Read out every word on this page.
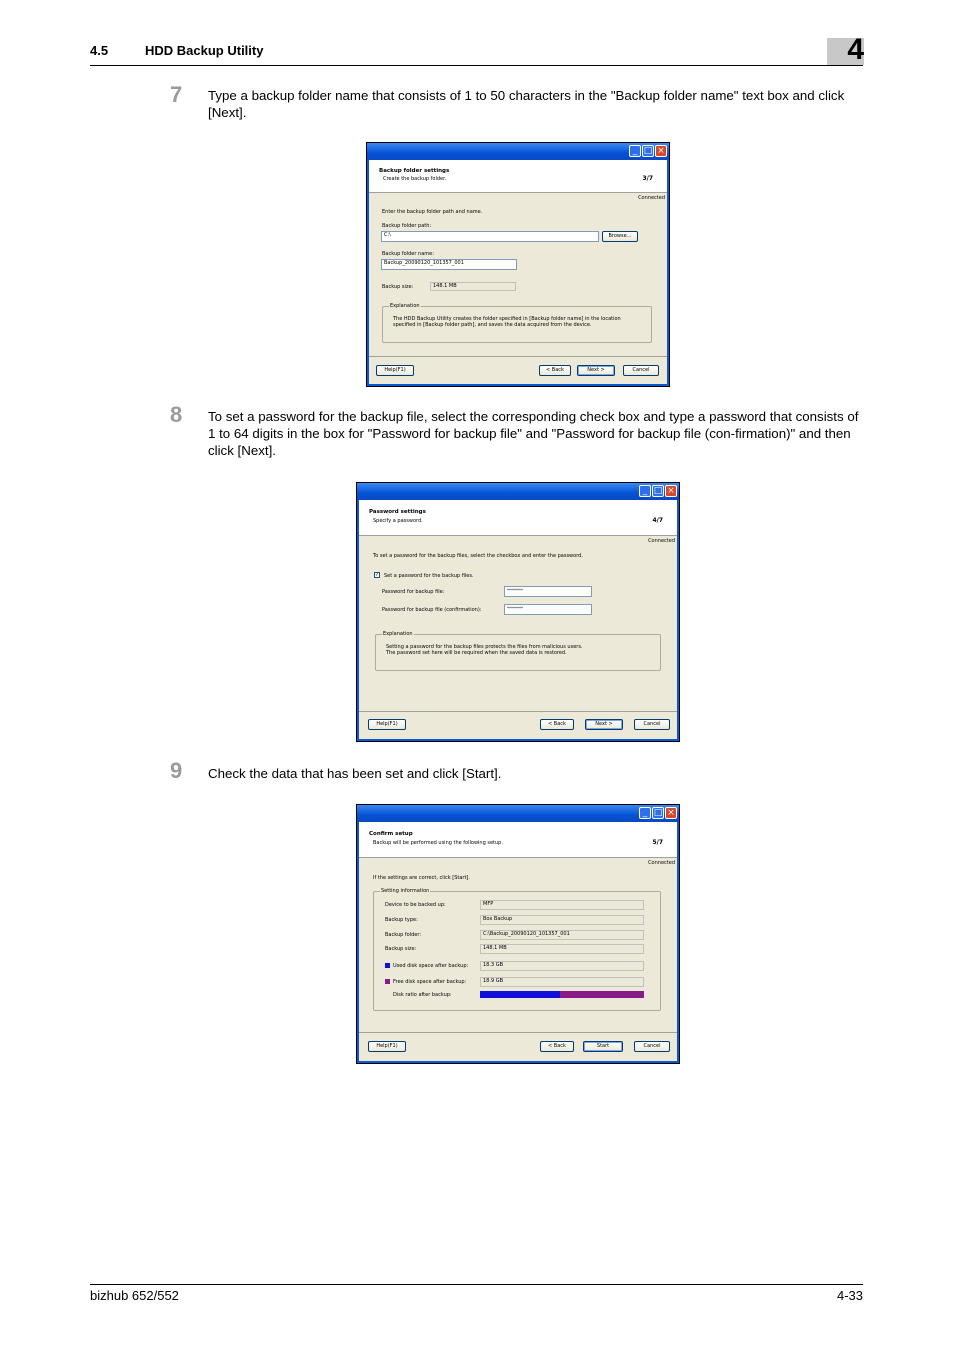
4.5	HDD Backup Utility	4
7 Type a backup folder name that consists of 1 to 50 characters in the "Backup folder name" text box and click [Next].
_ □ ×
Backup folder settings
Create the backup folder.	3/7
Connected
Enter the backup folder path and name.
Backup folder path:
C:\	Browse...
Backup folder name:
Backup_20090120_101357_001
Backup size:	148.1 MB
Explanation
The HDD Backup Utility creates the folder specified in [Backup folder name] in the location
specified in [Backup folder path], and saves the data acquired from the device.
Help(F1)	< Back	Next >	Cancel
8 To set a password for the backup file, select the corresponding check box and type a password that consists of 1 to 64 digits in the box for "Password for backup file" and "Password for backup file (con-firmation)" and then click [Next].
_ □ ×
Password settings
Specify a password.	4/7
Connected
To set a password for the backup files, select the checkbox and enter the password.
✓ Set a password for the backup files.
Password for backup file:	********
Password for backup file (confirmation):	********
Explanation
Setting a password for the backup files protects the files from malicious users.
The password set here will be required when the saved data is restored.
Help(F1)	< Back	Next >	Cancel
9 Check the data that has been set and click [Start].
_ □ ×
Confirm setup
Backup will be performed using the following setup.	5/7
Connected
If the settings are correct, click [Start].
Setting information
Device to be backed up:	MFP
Backup type:	Box Backup
Backup folder:	C:\Backup_20090120_101357_001
Backup size:	148.1 MB
Used disk space after backup:	18.3 GB
Free disk space after backup:	18.9 GB
Disk ratio after backup:
Help(F1)	< Back	Start	Cancel
bizhub 652/552	4-33
